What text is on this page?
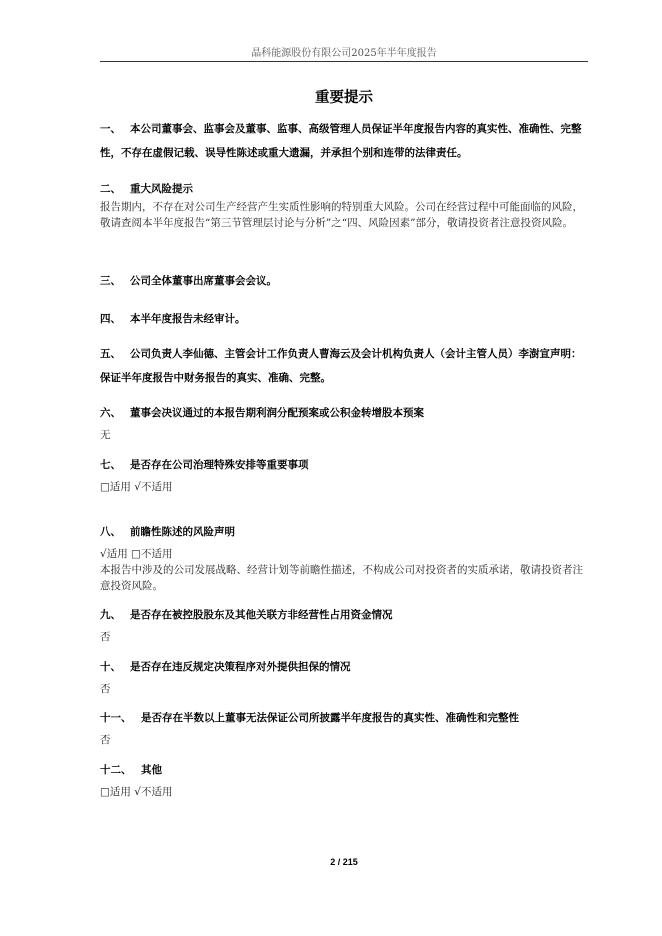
晶科能源股份有限公司2025年半年度报告
重要提示
一、 本公司董事会、监事会及董事、监事、高级管理人员保证半年度报告内容的真实性、准确性、完整性，不存在虚假记载、误导性陈述或重大遗漏，并承担个别和连带的法律责任。
二、 重大风险提示
报告期内，不存在对公司生产经营产生实质性影响的特别重大风险。公司在经营过程中可能面临的风险，敬请查阅本半年度报告“第三节管理层讨论与分析”之“四、风险因素”部分，敬请投资者注意投资风险。
三、 公司全体董事出席董事会会议。
四、 本半年度报告未经审计。
五、 公司负责人李仙德、主管会计工作负责人曹海云及会计机构负责人（会计主管人员）李澍宣声明：保证半年度报告中财务报告的真实、准确、完整。
六、 董事会决议通过的本报告期利润分配预案或公积金转增股本预案
无
七、 是否存在公司治理特殊安排等重要事项
□适用 √不适用
八、 前瞻性陈述的风险声明
√适用 □不适用
本报告中涉及的公司发展战略、经营计划等前瞻性描述，不构成公司对投资者的实质承诺，敬请投资者注意投资风险。
九、 是否存在被控股股东及其他关联方非经营性占用资金情况
否
十、 是否存在违反规定决策程序对外提供担保的情况
否
十一、 是否存在半数以上董事无法保证公司所披露半年度报告的真实性、准确性和完整性
否
十二、 其他
□适用 √不适用
2 / 215
